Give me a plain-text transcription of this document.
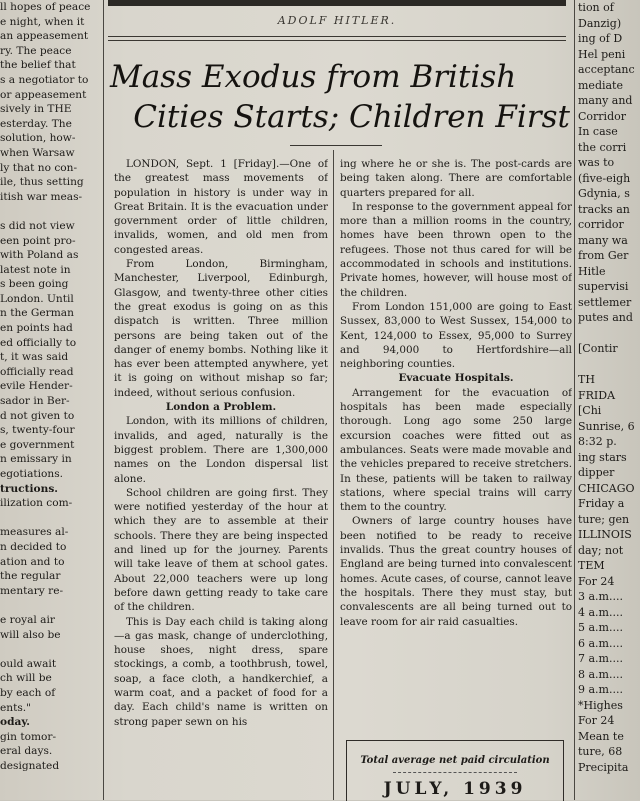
ll hopes of peace
e night, when it
an appeasement
ry. The peace
the belief that
s a negotiator to
or appeasement
sively in THE
esterday. The
solution, how-
when Warsaw
ly that no con-
ile, thus setting
itish war meas-

s did not view
een point pro-
with Poland as
latest note in
s been going
London. Until
n the German
en points had
ed officially to
t, it was said
officially read
evile Hender-
sador in Ber-
d not given to
s, twenty-four
e government
n emissary in
egotiations.
tructions.
ilization com-

measures al-
n decided to
ation and to
the regular
mentary re-

e royal air
will also be

ould await
ch will be
by each of
ents."
oday.
gin tomor-
eral days.
designated
ADOLF HITLER.
Mass Exodus from British
Cities Starts; Children First

LONDON, Sept. 1 [Friday].—One of the greatest mass movements of population in history is under way in Great Britain. It is the evacuation under government order of little children, invalids, women, and old men from congested areas.

From London, Birmingham, Manchester, Liverpool, Edinburgh, Glasgow, and twenty-three other cities the great exodus is going on as this dispatch is written. Three million persons are being taken out of the danger of enemy bombs. Nothing like it has ever been attempted anywhere, yet it is going on without mishap so far; indeed, without serious confusion.

London a Problem.

London, with its millions of children, invalids, and aged, naturally is the biggest problem. There are 1,300,000 names on the London dispersal list alone.

School children are going first. They were notified yesterday of the hour at which they are to assemble at their schools. There they are being inspected and lined up for the journey. Parents will take leave of them at school gates. About 22,000 teachers were up long before dawn getting ready to take care of the children.

This is Day each child is taking along—a gas mask, change of underclothing, house shoes, night dress, spare stockings, a comb, a toothbrush, towel, soap, a face cloth, a handkerchief, a warm coat, and a packet of food for a day. Each child's name is written on strong paper sewn on his

ing where he or she is. The post-cards are being taken along. There are comfortable quarters prepared for all.

In response to the government appeal for more than a million rooms in the country, homes have been thrown open to the refugees. Those not thus cared for will be accommodated in schools and institutions. Private homes, however, will house most of the children.

From London 151,000 are going to East Sussex, 83,000 to West Sussex, 154,000 to Kent, 124,000 to Essex, 95,000 to Surrey and 94,000 to Hertfordshire—all neighboring counties.

Evacuate Hospitals.

Arrangement for the evacuation of hospitals has been made especially thorough. Long ago some 250 large excursion coaches were fitted out as ambulances. Seats were made movable and the vehicles prepared to receive stretchers. In these, patients will be taken to railway stations, where special trains will carry them to the country.

Owners of large country houses have been notified to be ready to receive invalids. Thus the great country houses of England are being turned into convalescent homes. Acute cases, of course, cannot leave the hospitals. There they must stay, but convalescents are all being turned out to leave room for air raid casualties.

Total average net paid circulation
JULY, 1939
tion of
Danzig)
ing of D
Hel peni
acceptanc
mediate
many and
Corridor
In case
the corri
was to
(five-eigh
Gdynia, s
tracks an
corridor
many wa
from Ger
Hitle
supervisi
settlemer
putes and

[Contir

TH
FRIDA
[Chi
Sunrise, 6
8:32 p.
ing stars
dipper
CHICAGO
Friday a
ture; gen
ILLINOIS
day; not
TEM
For 24
3 a.m....
4 a.m....
5 a.m....
6 a.m....
7 a.m....
8 a.m....
9 a.m....
*Highes
For 24
Mean te
ture, 68
Precipita
